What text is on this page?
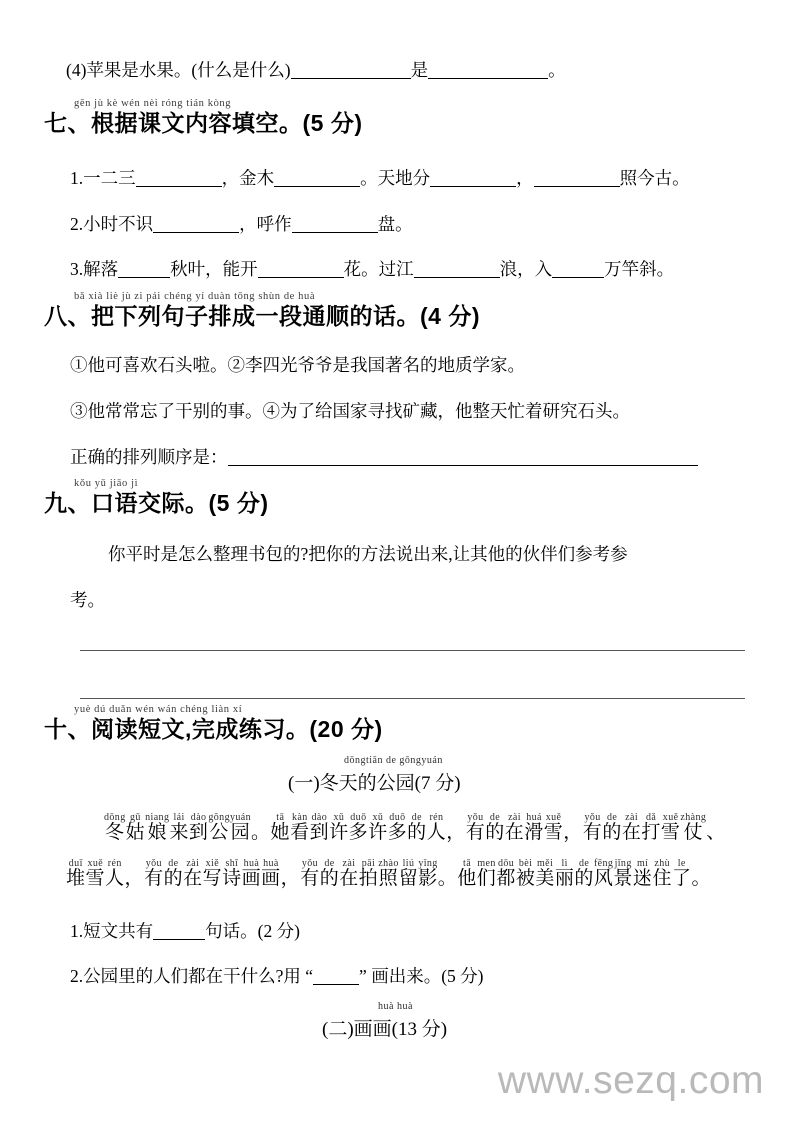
(4)苹果是水果。(什么是什么)	是	。
gēn jù kè wén nèi róng tián kòng
七、根据课文内容填空。(5 分)
1.一二三	，金木	。天地分	，	照今古。
2.小时不识	，呼作	盘。
3.解落	秋叶，能开	花。过江	浪，入	万竿斜。
bǎ xià liè jù zi pái chéng yí duàn tōng shùn de huà
八、把下列句子排成一段通顺的话。(4 分)
①他可喜欢石头啦。②李四光爷爷是我国著名的地质学家。
③他常常忘了干别的事。④为了给国家寻找矿藏，他整天忙着研究石头。
正确的排列顺序是：
kǒu yǔ jiāo jì
九、口语交际。(5 分)
你平时是怎么整理书包的?把你的方法说出来,让其他的伙伴们参考参
考。
yuè dú duǎn wén wán chéng liàn xí
十、阅读短文,完成练习。(20 分)
dōngtiān de gōngyuán
(一)冬天的公园(7 分)
dōng
冬
gū
姑
niang
娘
lái
来
dào
到
gōng
公
yuán
园 。
tā
她
kàn
看
dào
到
xǔ
许
duō
多
xǔ
许
duō
多
de
的
rén
人 ，
yǒu
有
de
的
zài
在
huá
滑
xuě
雪 ，
yǒu
有
de
的
zài
在
dǎ
打
xuě
雪
zhàng
仗 、
duī
堆
xuě
雪
rén
人 ，
yǒu
有
de
的
zài
在
xiě
写
shī
诗
huà
画
huà
画 ，
yǒu
有
de
的
zài
在
pāi
拍
zhào
照
liú
留
yǐng
影 。
tā
他
men
们
dōu
都
bèi
被
měi
美
lì
丽
de
的
fēng
风
jǐng
景
mí
迷
zhù
住
le
了 。
1.短文共有	句话。(2 分)
2.公园里的人们都在干什么?用 “	” 画出来。(5 分)
huà huà
(二)画画(13 分)
www.sezq.com
